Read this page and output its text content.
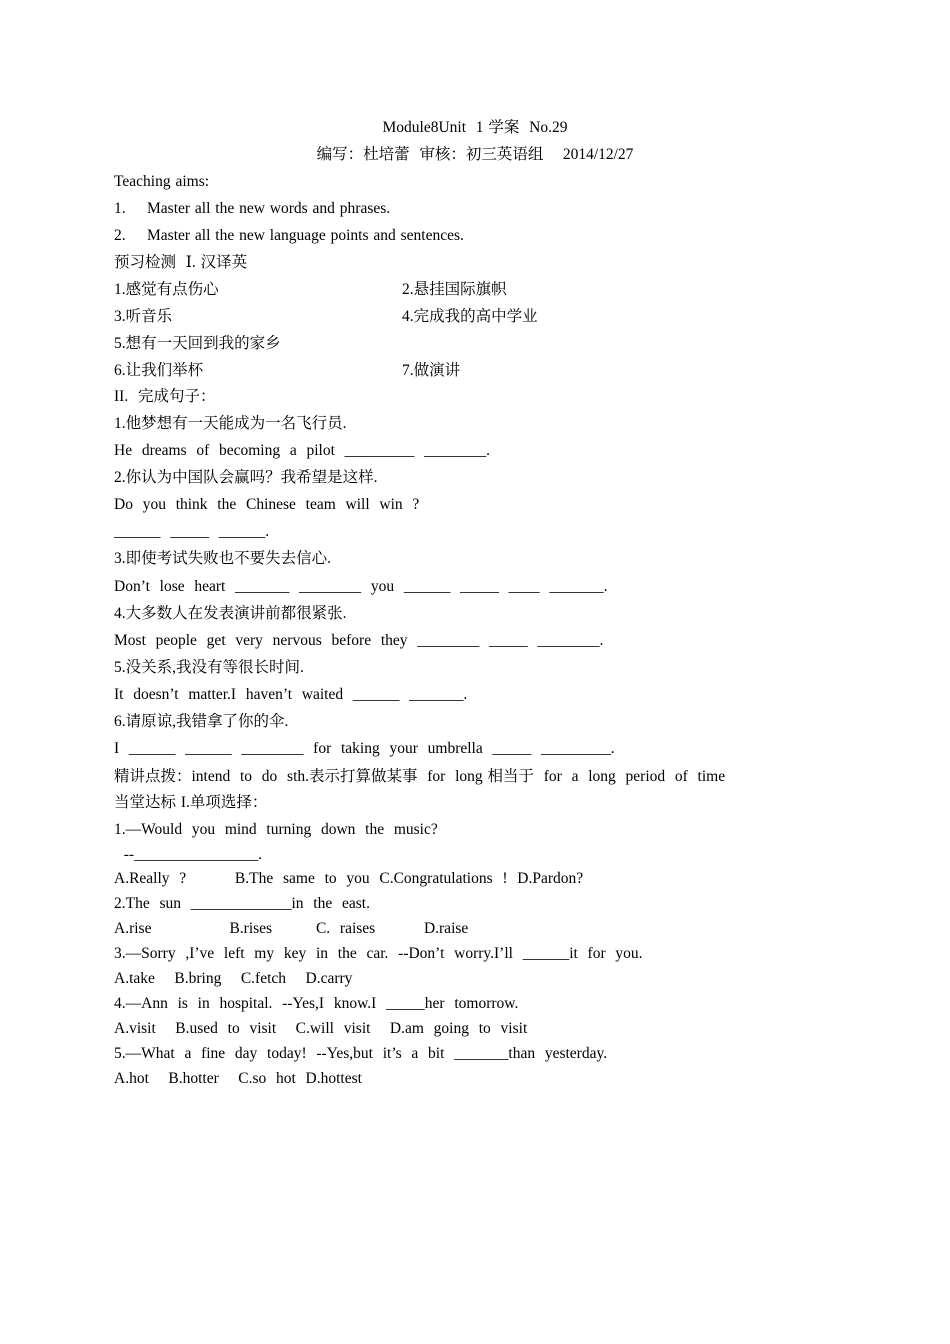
Module8Unit  1 学案  No.29
编写：杜培蕾  审核：初三英语组    2014/12/27
Teaching aims:
1. Master all the new words and phrases.
2. Master all the new language points and sentences.
预习检测  Ⅰ. 汉译英
1.感觉有点伤心	2.悬挂国际旗帜
3.听音乐	4.完成我的高中学业
5.想有一天回到我的家乡
6.让我们举杯	7.做演讲
II.  完成句子：
1.他梦想有一天能成为一名飞行员.
He  dreams  of  becoming  a  pilot  _________  ________.
2.你认为中国队会赢吗？我希望是这样.
Do  you  think  the  Chinese  team  will  win  ?
______  _____  ______.
3.即使考试失败也不要失去信心.
Don’t  lose  heart  _______  ________  you  ______  _____  ____  _______.
4.大多数人在发表演讲前都很紧张.
Most  people  get  very  nervous  before  they  ________  _____  ________.
5.没关系,我没有等很长时间.
It  doesn’t  matter.I  haven’t  waited  ______  _______.
6.请原谅,我错拿了你的伞.
I  ______  ______  ________  for  taking  your  umbrella  _____  _________.
精讲点拨：intend  to  do  sth.表示打算做某事  for  long 相当于  for  a  long  period  of  time
当堂达标 I.单项选择：
1.—Would  you  mind  turning  down  the  music?
--________________.
A.Really  ?          B.The  same  to  you  C.Congratulations  !  D.Pardon?
2.The  sun  _____________in  the  east.
A.rise                B.rises         C.  raises          D.raise
3.—Sorry  ,I’ve  left  my  key  in  the  car.  --Don’t  worry.I’ll  ______it  for  you.
A.take    B.bring    C.fetch    D.carry
4.—Ann  is  in  hospital.  --Yes,I  know.I  _____her  tomorrow.
A.visit    B.used  to  visit    C.will  visit    D.am  going  to  visit
5.—What  a  fine  day  today!  --Yes,but  it’s  a  bit  _______than  yesterday.
A.hot    B.hotter    C.so  hot  D.hottest
